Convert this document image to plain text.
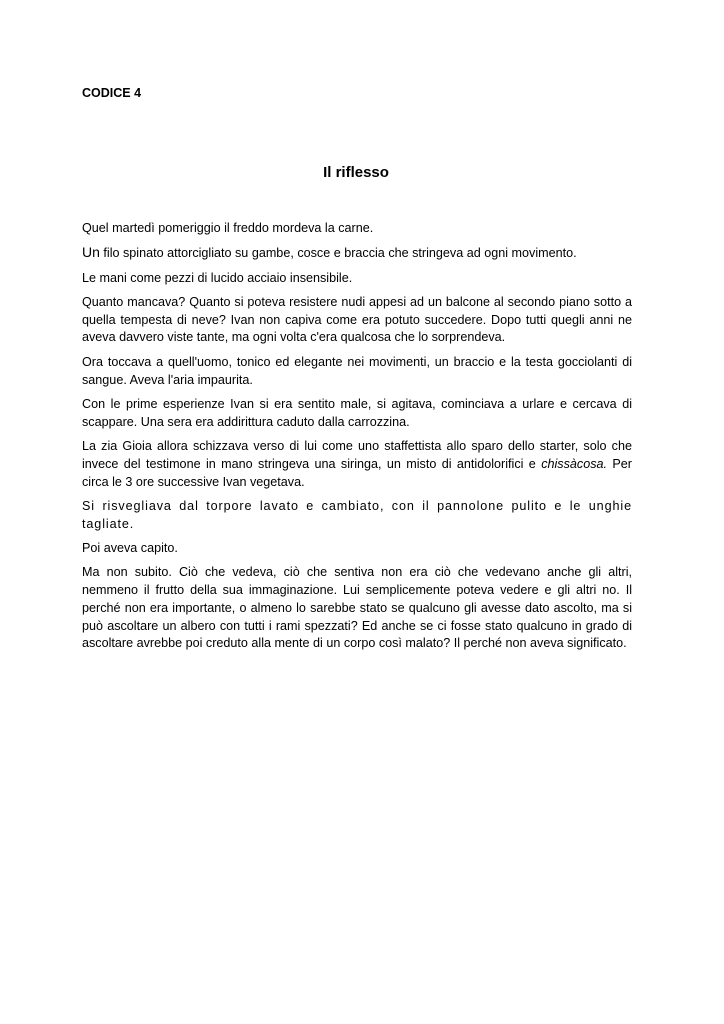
CODICE 4
Il riflesso

Quel martedì pomeriggio il freddo mordeva la carne.

Un filo spinato attorcigliato su gambe, cosce e braccia che stringeva ad ogni movimento.

Le mani come pezzi di lucido acciaio insensibile.

Quanto mancava? Quanto si poteva resistere nudi appesi ad un balcone al secondo piano sotto a quella tempesta di neve? Ivan non capiva come era potuto succedere. Dopo tutti quegli anni ne aveva davvero viste tante, ma ogni volta c'era qualcosa che lo sorprendeva.

Ora toccava a quell'uomo, tonico ed elegante nei movimenti, un braccio e la testa gocciolanti di sangue. Aveva l'aria impaurita.

Con le prime esperienze Ivan si era sentito male, si agitava, cominciava a urlare e cercava di scappare. Una sera era addirittura caduto dalla carrozzina.

La zia Gioia allora schizzava verso di lui come uno staffettista allo sparo dello starter, solo che invece del testimone in mano stringeva una siringa, un misto di antidolorifici e chissàcosa. Per circa le 3 ore successive Ivan vegetava.

Si risvegliava dal torpore lavato e cambiato, con il pannolone pulito e le unghie tagliate.

Poi aveva capito.

Ma non subito. Ciò che vedeva, ciò che sentiva non era ciò che vedevano anche gli altri, nemmeno il frutto della sua immaginazione. Lui semplicemente poteva vedere e gli altri no. Il perché non era importante, o almeno lo sarebbe stato se qualcuno gli avesse dato ascolto, ma si può ascoltare un albero con tutti i rami spezzati? Ed anche se ci fosse stato qualcuno in grado di ascoltare avrebbe poi creduto alla mente di un corpo così malato? Il perché non aveva significato.
